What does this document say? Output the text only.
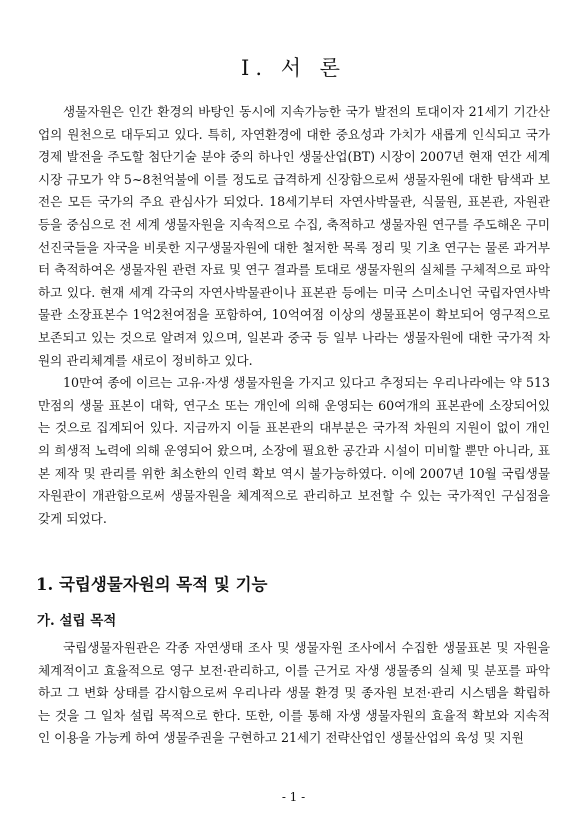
Ⅰ. 서 론

생물자원은 인간 환경의 바탕인 동시에 지속가능한 국가 발전의 토대이자 21세기 기간산업의 원천으로 대두되고 있다. 특히, 자연환경에 대한 중요성과 가치가 새롭게 인식되고 국가 경제 발전을 주도할 첨단기술 분야 중의 하나인 생물산업(BT) 시장이 2007년 현재 연간 세계시장 규모가 약 5~8천억불에 이를 정도로 급격하게 신장함으로써 생물자원에 대한 탐색과 보전은 모든 국가의 주요 관심사가 되었다. 18세기부터 자연사박물관, 식물원, 표본관, 자원관 등을 중심으로 전 세계 생물자원을 지속적으로 수집, 축적하고 생물자원 연구를 주도해온 구미 선진국들을 자국을 비롯한 지구생물자원에 대한 철저한 목록 정리 및 기초 연구는 물론 과거부터 축적하여온 생물자원 관련 자료 및 연구 결과를 토대로 생물자원의 실체를 구체적으로 파악하고 있다. 현재 세계 각국의 자연사박물관이나 표본관 등에는 미국 스미소니언 국립자연사박물관 소장표본수 1억2천여점을 포함하여, 10억여점 이상의 생물표본이 확보되어 영구적으로 보존되고 있는 것으로 알려져 있으며, 일본과 중국 등 일부 나라는 생물자원에 대한 국가적 차원의 관리체계를 새로이 정비하고 있다.

10만여 종에 이르는 고유·자생 생물자원을 가지고 있다고 추정되는 우리나라에는 약 513만점의 생물 표본이 대학, 연구소 또는 개인에 의해 운영되는 60여개의 표본관에 소장되어있는 것으로 집계되어 있다. 지금까지 이들 표본관의 대부분은 국가적 차원의 지원이 없이 개인의 희생적 노력에 의해 운영되어 왔으며, 소장에 필요한 공간과 시설이 미비할 뿐만 아니라, 표본 제작 및 관리를 위한 최소한의 인력 확보 역시 불가능하였다. 이에 2007년 10월 국립생물자원관이 개관함으로써 생물자원을 체계적으로 관리하고 보전할 수 있는 국가적인 구심점을 갖게 되었다.

1. 국립생물자원의 목적 및 기능
가. 설립 목적

국립생물자원관은 각종 자연생태 조사 및 생물자원 조사에서 수집한 생물표본 및 자원을 체계적이고 효율적으로 영구 보전·관리하고, 이를 근거로 자생 생물종의 실체 및 분포를 파악하고 그 변화 상태를 감시함으로써 우리나라 생물 환경 및 종자원 보전·관리 시스템을 확립하는 것을 그 일차 설립 목적으로 한다. 또한, 이를 통해 자생 생물자원의 효율적 확보와 지속적인 이용을 가능케 하여 생물주권을 구현하고 21세기 전략산업인 생물산업의 육성 및 지원

- 1 -
